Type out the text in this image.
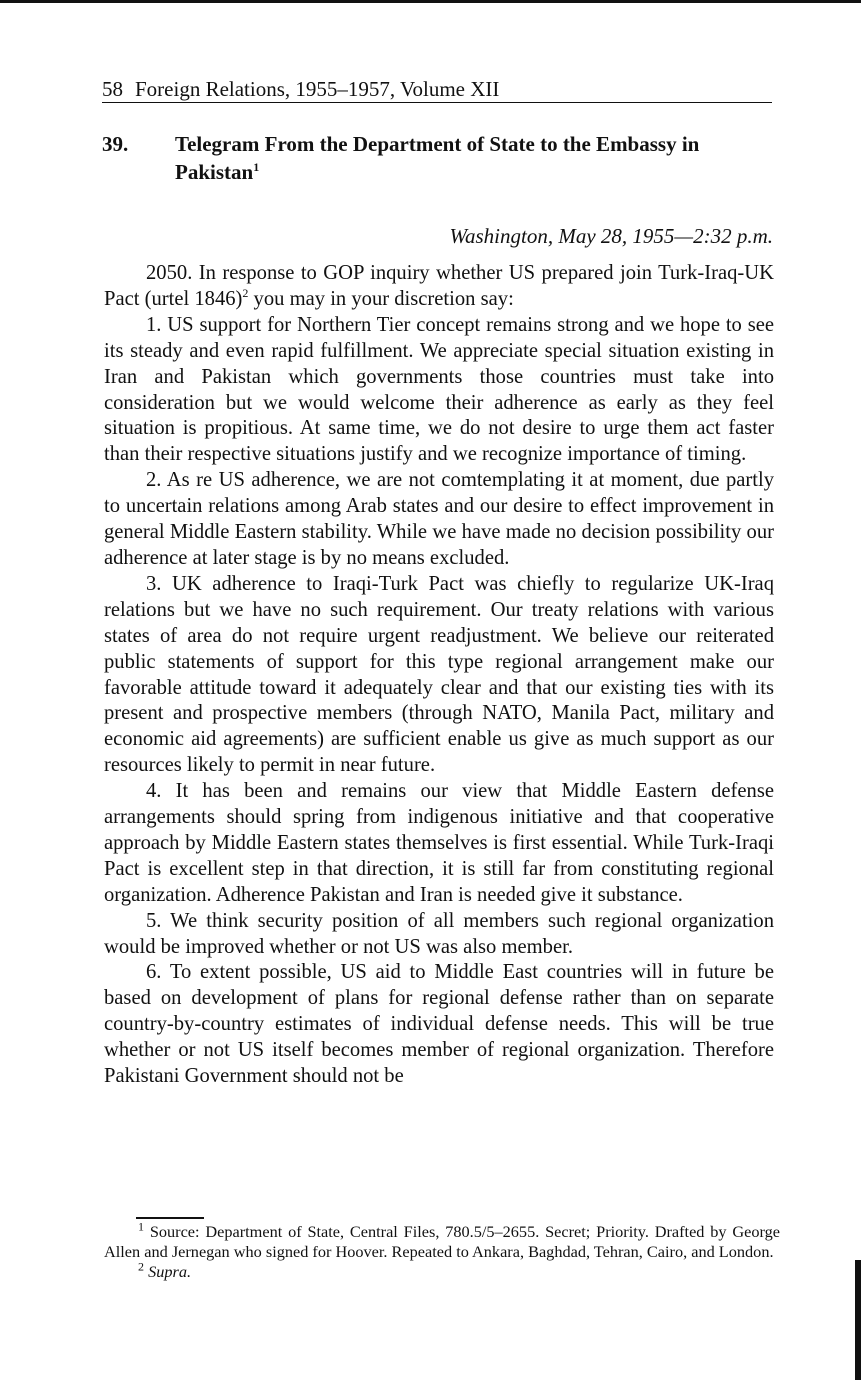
58 Foreign Relations, 1955–1957, Volume XII
39. Telegram From the Department of State to the Embassy in Pakistan$^1$
Washington, May 28, 1955—2:32 p.m.

2050. In response to GOP inquiry whether US prepared join Turk-Iraq-UK Pact (urtel 1846)$^2$ you may in your discretion say:

1. US support for Northern Tier concept remains strong and we hope to see its steady and even rapid fulfillment. We appreciate special situation existing in Iran and Pakistan which governments those countries must take into consideration but we would welcome their adherence as early as they feel situation is propitious. At same time, we do not desire to urge them act faster than their respective situations justify and we recognize importance of timing.

2. As re US adherence, we are not comtemplating it at moment, due partly to uncertain relations among Arab states and our desire to effect improvement in general Middle Eastern stability. While we have made no decision possibility our adherence at later stage is by no means excluded.

3. UK adherence to Iraqi-Turk Pact was chiefly to regularize UK-Iraq relations but we have no such requirement. Our treaty relations with various states of area do not require urgent readjustment. We believe our reiterated public statements of support for this type regional arrangement make our favorable attitude toward it adequately clear and that our existing ties with its present and prospective members (through NATO, Manila Pact, military and economic aid agreements) are sufficient enable us give as much support as our resources likely to permit in near future.

4. It has been and remains our view that Middle Eastern defense arrangements should spring from indigenous initiative and that cooperative approach by Middle Eastern states themselves is first essential. While Turk-Iraqi Pact is excellent step in that direction, it is still far from constituting regional organization. Adherence Pakistan and Iran is needed give it substance.

5. We think security position of all members such regional organization would be improved whether or not US was also member.

6. To extent possible, US aid to Middle East countries will in future be based on development of plans for regional defense rather than on separate country-by-country estimates of individual defense needs. This will be true whether or not US itself becomes member of regional organization. Therefore Pakistani Government should not be

$^1$ Source: Department of State, Central Files, 780.5/5–2655. Secret; Priority. Drafted by George Allen and Jernegan who signed for Hoover. Repeated to Ankara, Baghdad, Tehran, Cairo, and London.

$^2$ Supra.
